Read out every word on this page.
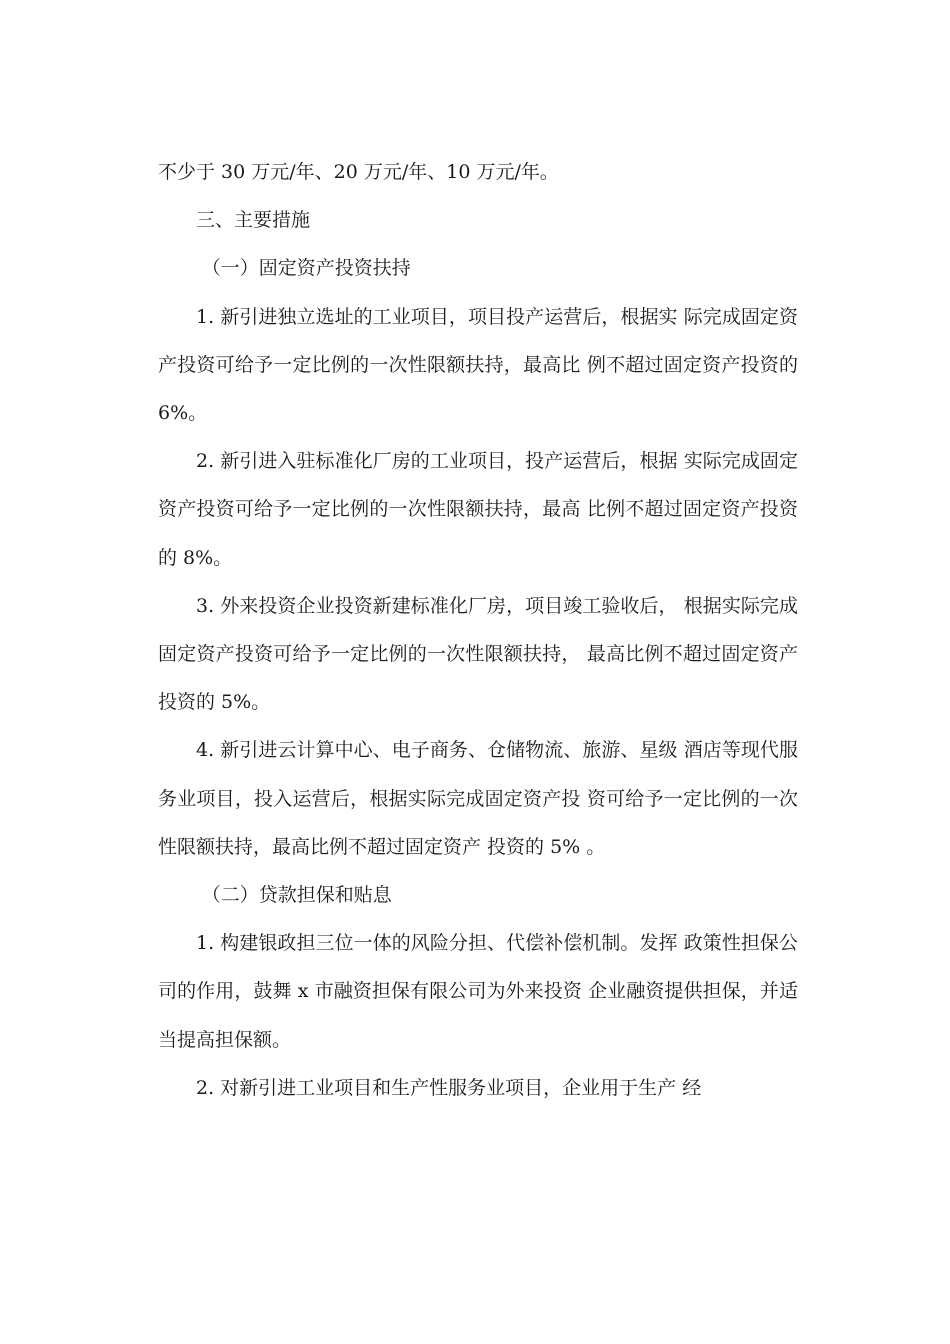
不少于 30 万元/年、20 万元/年、10 万元/年。

三、主要措施

（一）固定资产投资扶持

1. 新引进独立选址的工业项目，项目投产运营后，根据实 际完成固定资产投资可给予一定比例的一次性限额扶持，最高比 例不超过固定资产投资的 6%。

2. 新引进入驻标准化厂房的工业项目，投产运营后，根据 实际完成固定资产投资可给予一定比例的一次性限额扶持，最高 比例不超过固定资产投资的 8%。

3. 外来投资企业投资新建标准化厂房，项目竣工验收后， 根据实际完成固定资产投资可给予一定比例的一次性限额扶持， 最高比例不超过固定资产投资的 5%。

4. 新引进云计算中心、电子商务、仓储物流、旅游、星级 酒店等现代服务业项目，投入运营后，根据实际完成固定资产投 资可给予一定比例的一次性限额扶持，最高比例不超过固定资产 投资的 5% 。

（二）贷款担保和贴息

1. 构建银政担三位一体的风险分担、代偿补偿机制。发挥 政策性担保公司的作用，鼓舞 x 市融资担保有限公司为外来投资 企业融资提供担保，并适当提高担保额。

2. 对新引进工业项目和生产性服务业项目，企业用于生产 经
